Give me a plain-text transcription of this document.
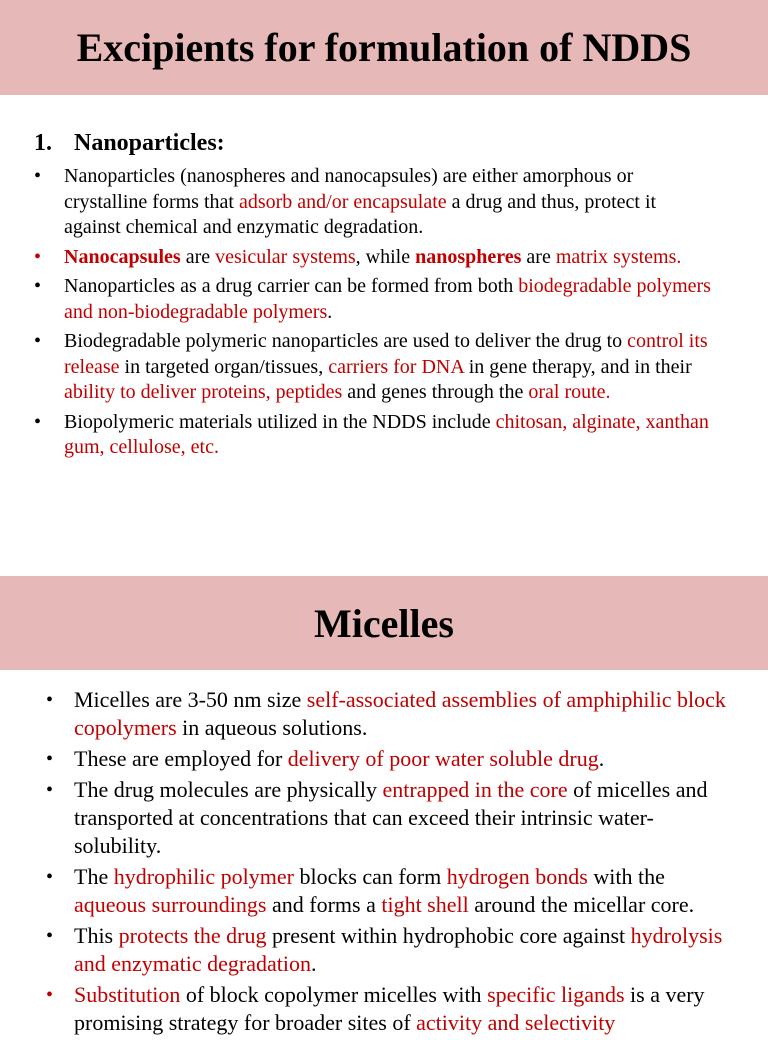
Excipients for formulation of NDDS
1. Nanoparticles:
• Nanoparticles (nanospheres and nanocapsules) are either amorphous or crystalline forms that adsorb and/or encapsulate a drug and thus, protect it against chemical and enzymatic degradation.
• Nanocapsules are vesicular systems, while nanospheres are matrix systems.
• Nanoparticles as a drug carrier can be formed from both biodegradable polymers and non-biodegradable polymers.
• Biodegradable polymeric nanoparticles are used to deliver the drug to control its release in targeted organ/tissues, carriers for DNA in gene therapy, and in their ability to deliver proteins, peptides and genes through the oral route.
• Biopolymeric materials utilized in the NDDS include chitosan, alginate, xanthan gum, cellulose, etc.
Micelles
• Micelles are 3-50 nm size self-associated assemblies of amphiphilic block copolymers in aqueous solutions.
• These are employed for delivery of poor water soluble drug.
• The drug molecules are physically entrapped in the core of micelles and transported at concentrations that can exceed their intrinsic water-solubility.
• The hydrophilic polymer blocks can form hydrogen bonds with the aqueous surroundings and forms a tight shell around the micellar core.
• This protects the drug present within hydrophobic core against hydrolysis and enzymatic degradation.
• Substitution of block copolymer micelles with specific ligands is a very promising strategy for broader sites of activity and selectivity
